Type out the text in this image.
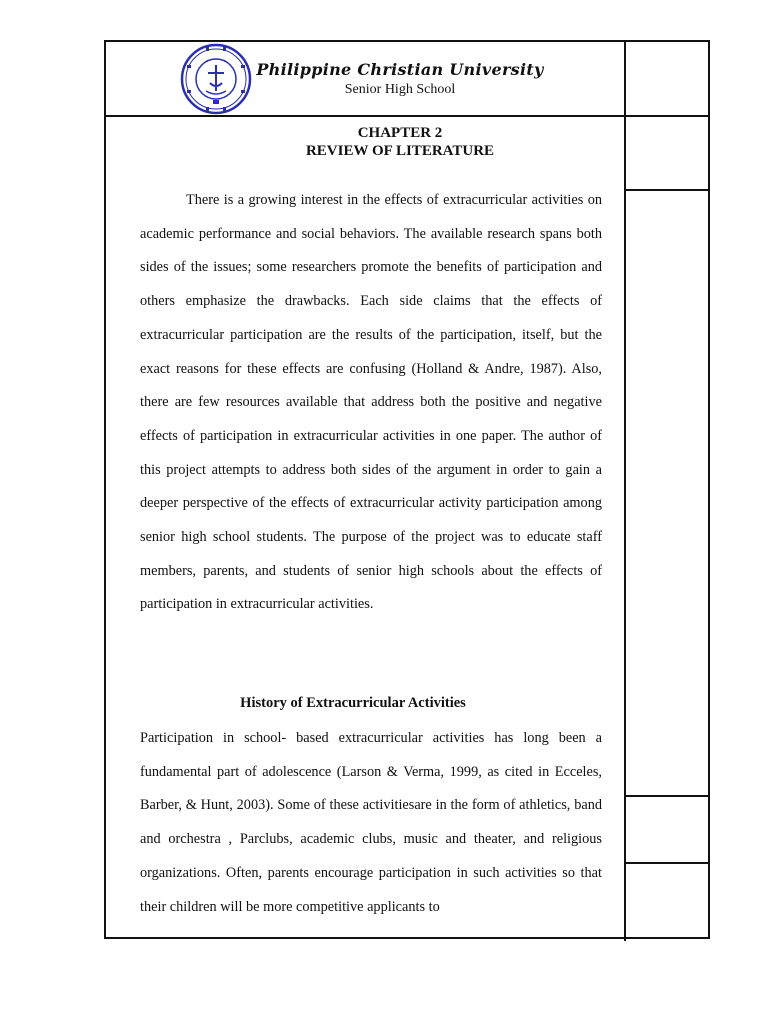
Philippine Christian University
Senior High School
CHAPTER 2
REVIEW OF LITERATURE

There is a growing interest in the effects of extracurricular activities on academic performance and social behaviors. The available research spans both sides of the issues; some researchers promote the benefits of participation and others emphasize the drawbacks. Each side claims that the effects of extracurricular participation are the results of the participation, itself, but the exact reasons for these effects are confusing (Holland & Andre, 1987). Also, there are few resources available that address both the positive and negative effects of participation in extracurricular activities in one paper. The author of this project attempts to address both sides of the argument in order to gain a deeper perspective of the effects of extracurricular activity participation among senior high school students. The purpose of the project was to educate staff members, parents, and students of senior high schools about the effects of participation in extracurricular activities.

History of Extracurricular Activities

Participation in school- based extracurricular activities has long been a fundamental part of adolescence (Larson & Verma, 1999, as cited in Ecceles, Barber, & Hunt, 2003). Some of these activitiesare in the form of athletics, band and orchestra , Parclubs, academic clubs, music and theater, and religious organizations. Often, parents encourage participation in such activities so that their children will be more competitive applicants to
